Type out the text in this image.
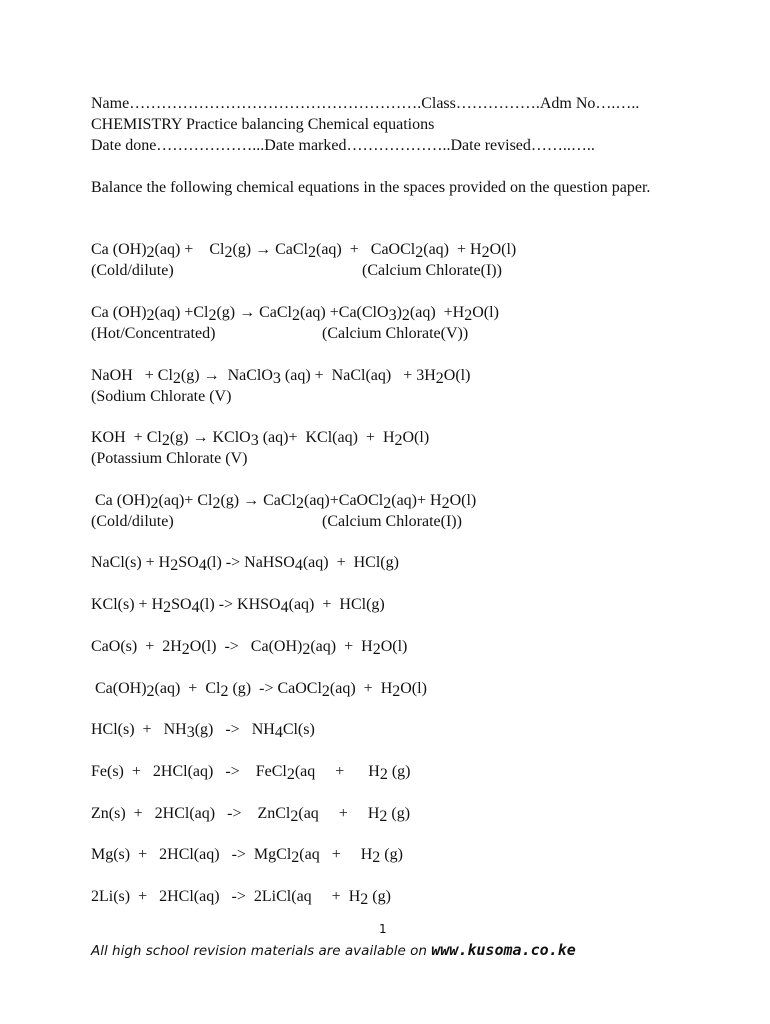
Name……………………………………………….Class…………….Adm No….…..
CHEMISTRY Practice balancing Chemical equations
Date done………………...Date marked………………..Date revised……..…..
Balance the following chemical equations in the spaces provided on the question paper.
Ca $(OH)_2(aq)$ +    $Cl_2(g)$ → CaCl$_2$(aq)  +   CaOCl$_2$(aq)  + $H_2O(l)$
(Cold/dilute)	(Calcium Chlorate(I))
Ca $(OH)_2(aq) +Cl_2(g)$ → CaCl$_2$(aq) $+Ca(ClO_3)_2(aq) +H_2O(l)$
(Hot/Concentrated)	(Calcium Chlorate(V))
NaOH   + $Cl_2(g)$ →  NaClO$_3$ (aq) +  NaCl(aq)   + $3H_2O(l)$
(Sodium Chlorate (V)
KOH  + $Cl_2(g)$ → KClO$_3$ $(aq)+ KCl(aq) + H_2O(l)$
(Potassium Chlorate (V)
Ca $(OH)_2(aq)+ Cl_2(g)$ → CaCl$_2$(aq)+CaOCl$_2$(aq)+ $H_2O(l)$
(Cold/dilute)	(Calcium Chlorate(I))
NaCl(s) + $H_2SO_4(l)$ -> NaHSO$_4$(aq)  +  HCl(g)
$KCl(s) + H_2SO_4(l)$ -> $KHSO_4(aq) + HCl(g)$
$CaO(s) + 2H_2O(l) -> Ca(OH)_2(aq) + H_2O(l)$
$Ca(OH)_2(aq) + Cl_2$ (g)  -> CaOCl$_2$(aq)  +  $H_2O(l)$
$HCl(s) + NH_3(g) -> NH_4Cl(s)$
Fe(s)  +   2HCl(aq)   ->    FeCl$_2$(aq     +      $H_2$ (g)
Zn(s)  +   2HCl(aq)   ->    ZnCl$_2$(aq     +     $H_2$ (g)
Mg(s)  +   2HCl(aq)   ->  MgCl$_2$(aq   +     $H_2$ (g)
2Li(s)  +   2HCl(aq)   ->  2LiCl(aq     +  $H_2$ (g)
1
All high school revision materials are available on www.kusoma.co.ke
